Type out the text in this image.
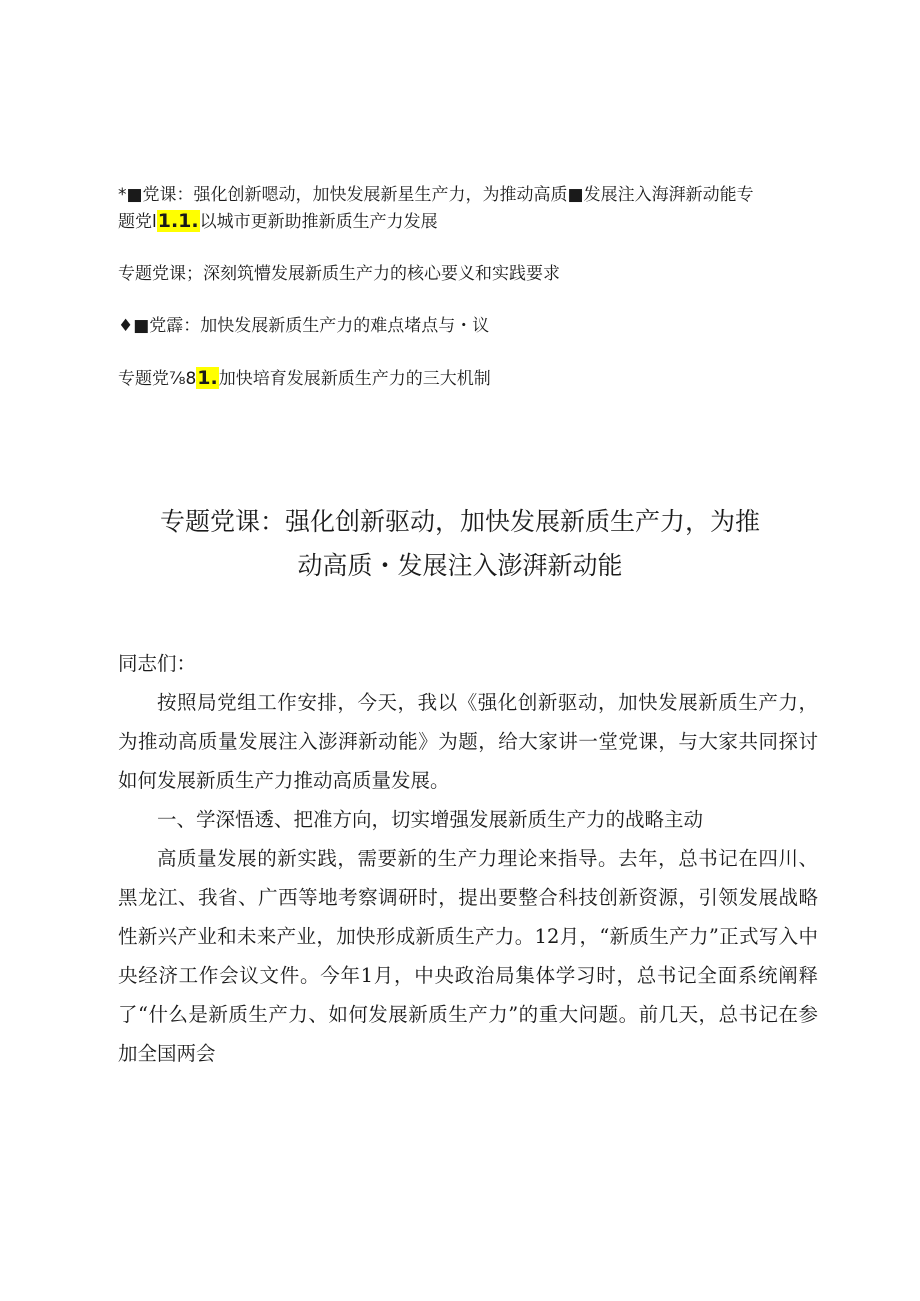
*■党课：强化创新嗯动，加快发展新星生产力，为推动高质■发展注入海湃新动能专

题党l1.1.以城市更新助推新质生产力发展

专题党课；深刻筑懵发展新质生产力的核心要义和实践要求

♦■党霹：加快发展新质生产力的难点堵点与・议

专题党⅞81.加快培育发展新质生产力的三大机制

专题党课：强化创新驱动，加快发展新质生产力，为推
动高质・发展注入澎湃新动能

同志们：

按照局党组工作安排，今天，我以《强化创新驱动，加快发展新质生产力，为推动高质量发展注入澎湃新动能》为题，给大家讲一堂党课，与大家共同探讨如何发展新质生产力推动高质量发展。

一、学深悟透、把准方向，切实增强发展新质生产力的战略主动

高质量发展的新实践，需要新的生产力理论来指导。去年，总书记在四川、黑龙江、我省、广西等地考察调研时，提出要整合科技创新资源，引领发展战略性新兴产业和未来产业，加快形成新质生产力。12月，“新质生产力”正式写入中央经济工作会议文件。今年1月，中央政治局集体学习时，总书记全面系统阐释了“什么是新质生产力、如何发展新质生产力”的重大问题。前几天，总书记在参加全国两会
